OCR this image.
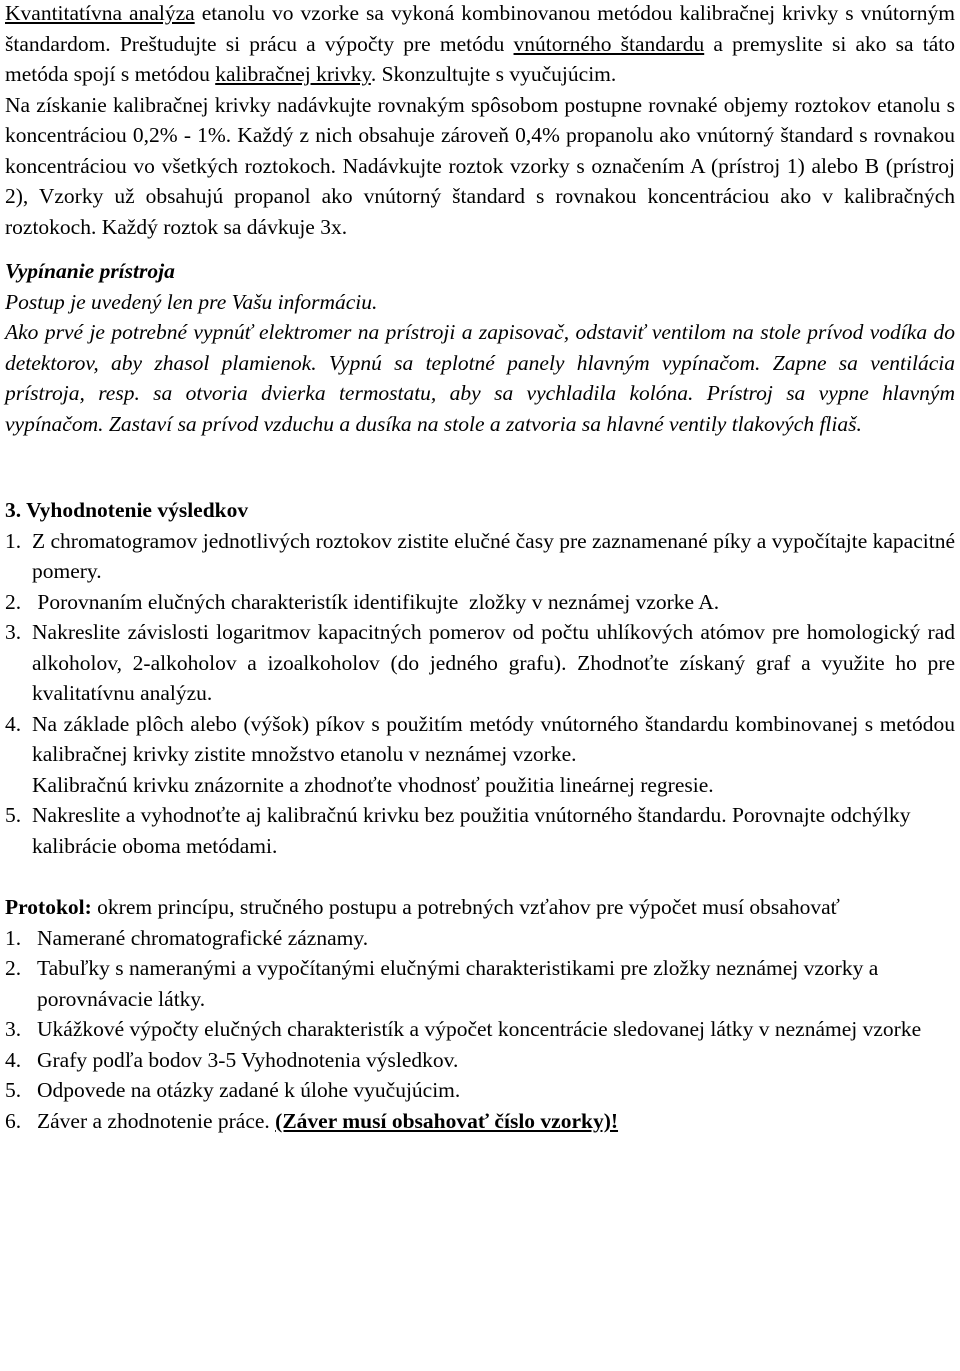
Kvantitatívna analýza etanolu vo vzorke sa vykoná kombinovanou metódou kalibračnej krivky s vnútorným štandardom. Preštudujte si prácu a výpočty pre metódu vnútorného štandardu a premyslite si ako sa táto metóda spojí s metódou kalibračnej krivky. Skonzultujte s vyučujúcim.

Na získanie kalibračnej krivky nadávkujte rovnakým spôsobom postupne rovnaké objemy roztokov etanolu s koncentráciou 0,2% - 1%. Každý z nich obsahuje zároveň 0,4% propanolu ako vnútorný štandard s rovnakou koncentráciou vo všetkých roztokoch. Nadávkujte roztok vzorky s označením A (prístroj 1) alebo B (prístroj 2), Vzorky už obsahujú propanol ako vnútorný štandard s rovnakou koncentráciou ako v kalibračných roztokoch. Každý roztok sa dávkuje 3x.

Vypínanie prístroja
Postup je uvedený len pre Vašu informáciu.

Ako prvé je potrebné vypnúť elektromer na prístroji a zapisovač, odstaviť ventilom na stole prívod vodíka do detektorov, aby zhasol plamienok. Vypnú sa teplotné panely hlavným vypínačom. Zapne sa ventilácia prístroja, resp. sa otvoria dvierka termostatu, aby sa vychladila kolóna. Prístroj sa vypne hlavným vypínačom. Zastaví sa prívod vzduchu a dusíka na stole a zatvoria sa hlavné ventily tlakových fliaš.

3. Vyhodnotenie výsledkov
1. Z chromatogramov jednotlivých roztokov zistite elučné časy pre zaznamenané píky a vypočítajte kapacitné pomery.
2. Porovnaním elučných charakteristík identifikujte  zložky v neznámej vzorke A.
3. Nakreslite závislosti logaritmov kapacitných pomerov od počtu uhlíkových atómov pre homologický rad alkoholov, 2-alkoholov a izoalkoholov (do jedného grafu). Zhodnoťte získaný graf a využite ho pre kvalitatívnu analýzu.
4. Na základe plôch alebo (výšok) píkov s použitím metódy vnútorného štandardu kombinovanej s metódou kalibračnej krivky zistite množstvo etanolu v neznámej vzorke.
Kalibračnú krivku znázornite a zhodnoťte vhodnosť použitia lineárnej regresie.
5. Nakreslite a vyhodnoťte aj kalibračnú krivku bez použitia vnútorného štandardu. Porovnajte odchýlky kalibrácie oboma metódami.

Protokol: okrem princípu, stručného postupu a potrebných vzťahov pre výpočet musí obsahovať

1. Namerané chromatografické záznamy.
2. Tabuľky s nameranými a vypočítanými elučnými charakteristikami pre zložky neznámej vzorky a porovnávacie látky.
3. Ukážkové výpočty elučných charakteristík a výpočet koncentrácie sledovanej látky v neznámej vzorke
4. Grafy podľa bodov 3-5 Vyhodnotenia výsledkov.
5. Odpovede na otázky zadané k úlohe vyučujúcim.
6. Záver a zhodnotenie práce. (Záver musí obsahovať číslo vzorky)!
